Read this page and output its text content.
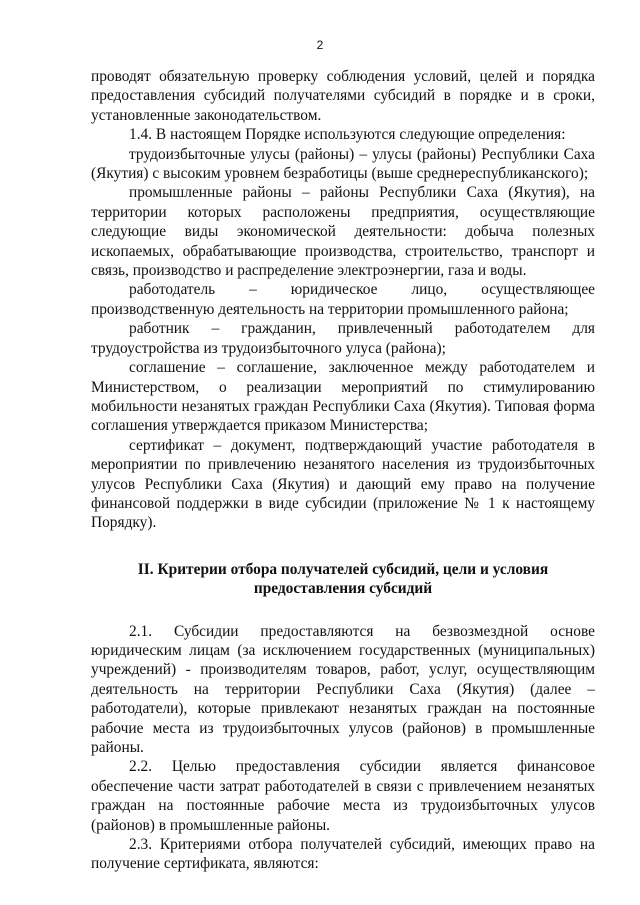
2

проводят обязательную проверку соблюдения условий, целей и порядка предоставления субсидий получателями субсидий в порядке и в сроки, установленные законодательством.

1.4. В настоящем Порядке используются следующие определения:

трудоизбыточные улусы (районы) – улусы (районы) Республики Саха (Якутия) с высоким уровнем безработицы (выше среднереспубликанского);

промышленные районы – районы Республики Саха (Якутия), на территории которых расположены предприятия, осуществляющие следующие виды экономической деятельности: добыча полезных ископаемых, обрабатывающие производства, строительство, транспорт и связь, производство и распределение электроэнергии, газа и воды.

работодатель – юридическое лицо, осуществляющее производственную деятельность на территории промышленного района;

работник – гражданин, привлеченный работодателем для трудоустройства из трудоизбыточного улуса (района);

соглашение – соглашение, заключенное между работодателем и Министерством, о реализации мероприятий по стимулированию мобильности незанятых граждан Республики Саха (Якутия). Типовая форма соглашения утверждается приказом Министерства;

сертификат – документ, подтверждающий участие работодателя в мероприятии по привлечению незанятого населения из трудоизбыточных улусов Республики Саха (Якутия) и дающий ему право на получение финансовой поддержки в виде субсидии (приложение № 1 к настоящему Порядку).

II. Критерии отбора получателей субсидий, цели и условия
предоставления субсидий

2.1. Субсидии предоставляются на безвозмездной основе юридическим лицам (за исключением государственных (муниципальных) учреждений) - производителям товаров, работ, услуг, осуществляющим деятельность на территории Республики Саха (Якутия) (далее – работодатели), которые привлекают незанятых граждан на постоянные рабочие места из трудоизбыточных улусов (районов) в промышленные районы.

2.2. Целью предоставления субсидии является финансовое обеспечение части затрат работодателей в связи с привлечением незанятых граждан на постоянные рабочие места из трудоизбыточных улусов (районов) в промышленные районы.

2.3. Критериями отбора получателей субсидий, имеющих право на получение сертификата, являются:
